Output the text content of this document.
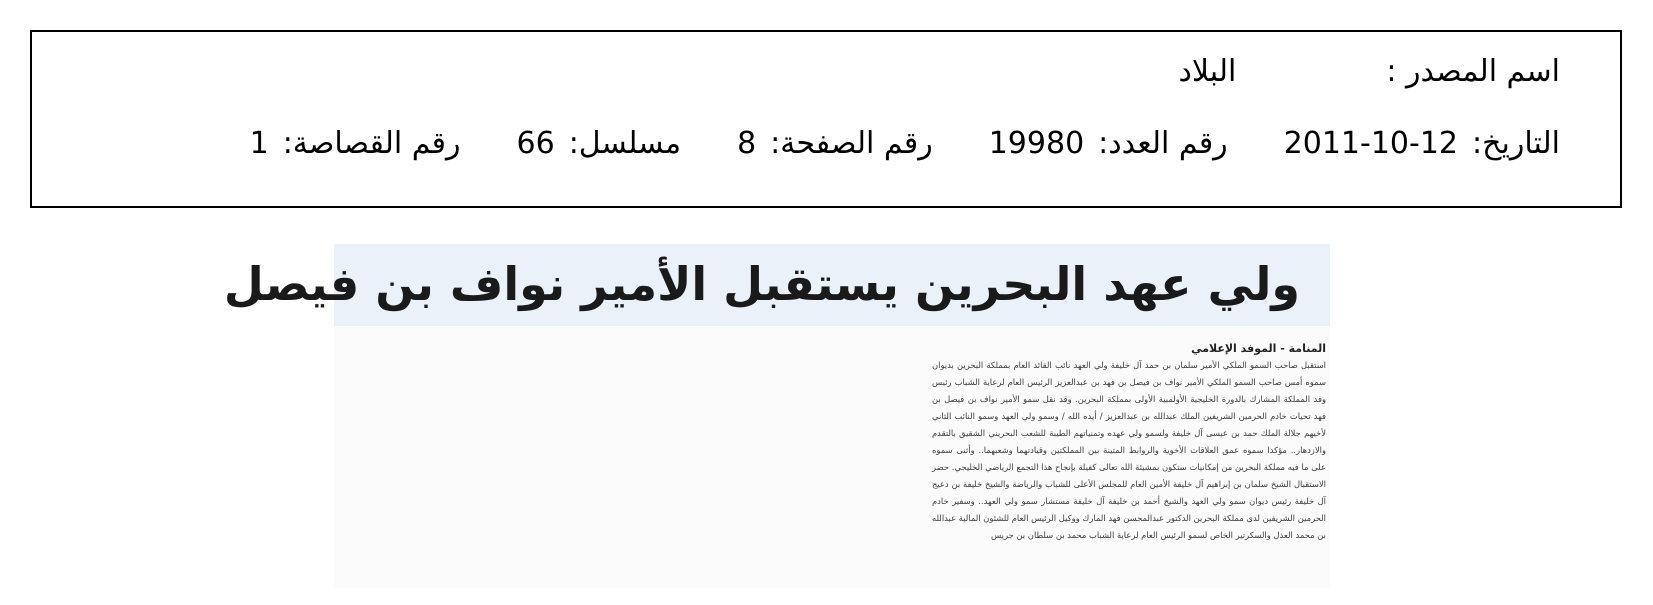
اسم المصدر :
البلاد
التاريخ:
2011-10-12
رقم العدد:
19980
رقم الصفحة:
8
مسلسل:
66
رقم القصاصة:
1
ولي عهد البحرين يستقبل الأمير نواف بن فيصل
المنامة - الموفد الإعلامي

استقبل صاحب السمو الملكي الأمير سلمان بن حمد آل خليفة ولي العهد نائب القائد العام بمملكة البحرين بديوان سموه أمس صاحب السمو الملكي الأمير نواف بن فيصل بن فهد بن عبدالعزيز الرئيس العام لرعاية الشباب رئيس وفد المملكة المشارك بالدورة الخليجية الأولمبية الأولى بمملكة البحرين. وقد نقل سمو الأمير نواف بن فيصل بن فهد تحيات خادم الحرمين الشريفين الملك عبدالله بن عبدالعزيز / أيده الله / وسمو ولي العهد وسمو النائب الثاني لأخيهم جلالة الملك حمد بن عيسى آل خليفة ولسمو ولي عهده وتمنياتهم الطيبة للشعب البحريني الشقيق بالتقدم والازدهار.. مؤكدا سموه عمق العلاقات الأخوية والروابط المتينة بين المملكتين وقيادتهما وشعبهما.. وأثنى سموه على ما فيه مملكة البحرين من إمكانيات ستكون بمشيئة الله تعالى كفيلة بإنجاح هذا التجمع الرياضي الخليجي. حضر الاستقبال الشيخ سلمان بن إبراهيم آل خليفة الأمين العام للمجلس الأعلى للشباب والرياضة والشيخ خليفة بن دعيج آل خليفة رئيس ديوان سمو ولي العهد والشيخ أحمد بن خليفة آل خليفة مستشار سمو ولي العهد.. وسفير خادم الحرمين الشريفين لدى مملكة البحرين الدكتور عبدالمحسن فهد المارك ووكيل الرئيس العام للشئون المالية عبدالله بن محمد العذل والسكرتير الخاص لسمو الرئيس العام لرعاية الشباب محمد بن سلطان بن جريس
